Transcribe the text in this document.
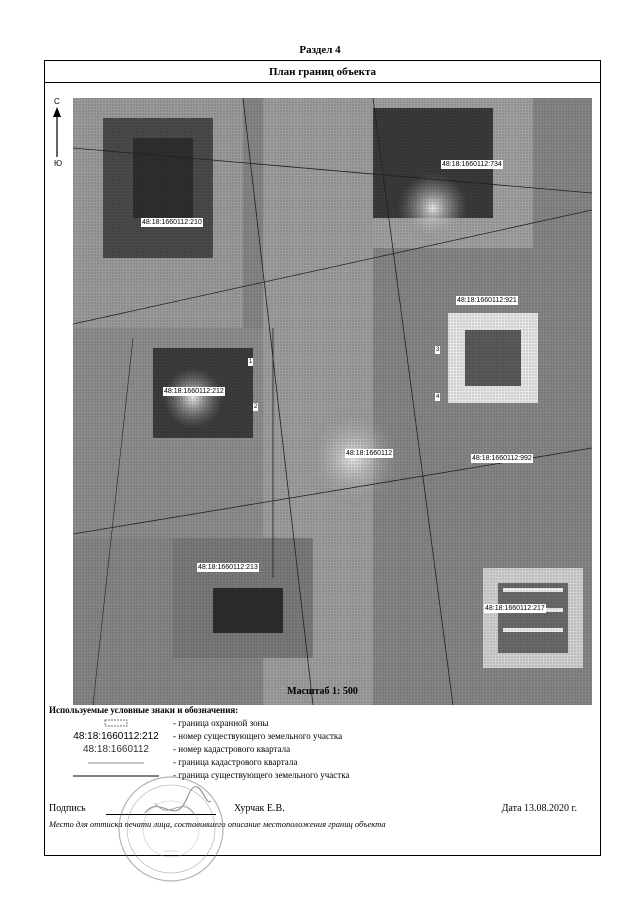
Раздел 4
План границ объекта
С
Ю
48:18:1660112:210
48:18:1660112:734
48:18:1660112:921
48:18:1660112:212
48:18:1660112
48:18:1660112:992
48:18:1660112:213
48:18:1660112:217
1
2
3
4
Масштаб 1: 500
Используемые условные знаки и обозначения:
- граница охранной зоны
48:18:1660112:212	- номер существующего земельного участка
48:18:1660112	- номер кадастрового квартала
- граница кадастрового квартала
- граница существующего земельного участка
Подпись	Хурчак Е.В.	Дата 13.08.2020 г.
Место для оттиска печати лица, составившего описание местоположения границ объекта
